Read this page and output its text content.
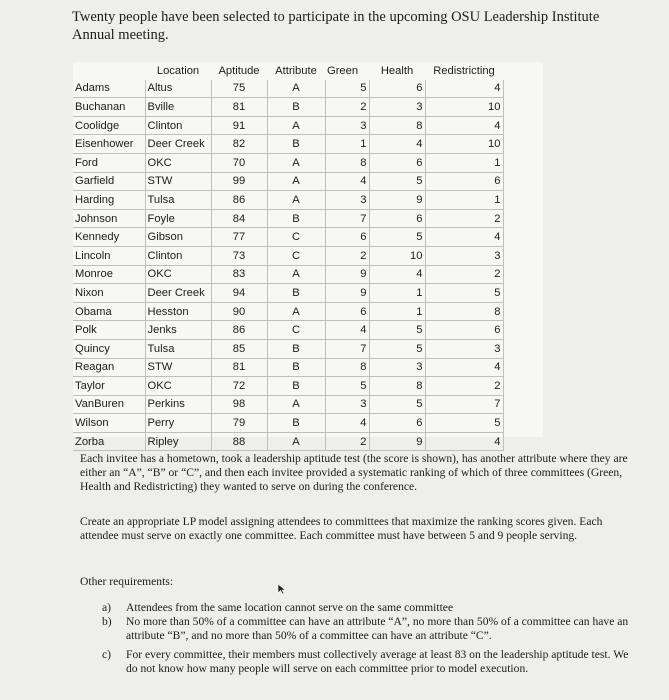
Twenty people have been selected to participate in the upcoming OSU Leadership Institute Annual meeting.
	Location	Aptitude	Attribute	Green	Health	Redistricting
Adams	Altus	75	A	5	6	4
Buchanan	Bville	81	B	2	3	10
Coolidge	Clinton	91	A	3	8	4
Eisenhower	Deer Creek	82	B	1	4	10
Ford	OKC	70	A	8	6	1
Garfield	STW	99	A	4	5	6
Harding	Tulsa	86	A	3	9	1
Johnson	Foyle	84	B	7	6	2
Kennedy	Gibson	77	C	6	5	4
Lincoln	Clinton	73	C	2	10	3
Monroe	OKC	83	A	9	4	2
Nixon	Deer Creek	94	B	9	1	5
Obama	Hesston	90	A	6	1	8
Polk	Jenks	86	C	4	5	6
Quincy	Tulsa	85	B	7	5	3
Reagan	STW	81	B	8	3	4
Taylor	OKC	72	B	5	8	2
VanBuren	Perkins	98	A	3	5	7
Wilson	Perry	79	B	4	6	5
Zorba	Ripley	88	A	2	9	4
Each invitee has a hometown, took a leadership aptitude test (the score is shown), has another attribute where they are either an “A”, “B” or “C”, and then each invitee provided a systematic ranking of which of three committees (Green, Health and Redistricting) they wanted to serve on during the conference.
Create an appropriate LP model assigning attendees to committees that maximize the ranking scores given. Each attendee must serve on exactly one committee. Each committee must have between 5 and 9 people serving.
Other requirements:
a) Attendees from the same location cannot serve on the same committee
b) No more than 50% of a committee can have an attribute “A”, no more than 50% of a committee can have an attribute “B”, and no more than 50% of a committee can have an attribute “C”.
c) For every committee, their members must collectively average at least 83 on the leadership aptitude test. We do not know how many people will serve on each committee prior to model execution.
